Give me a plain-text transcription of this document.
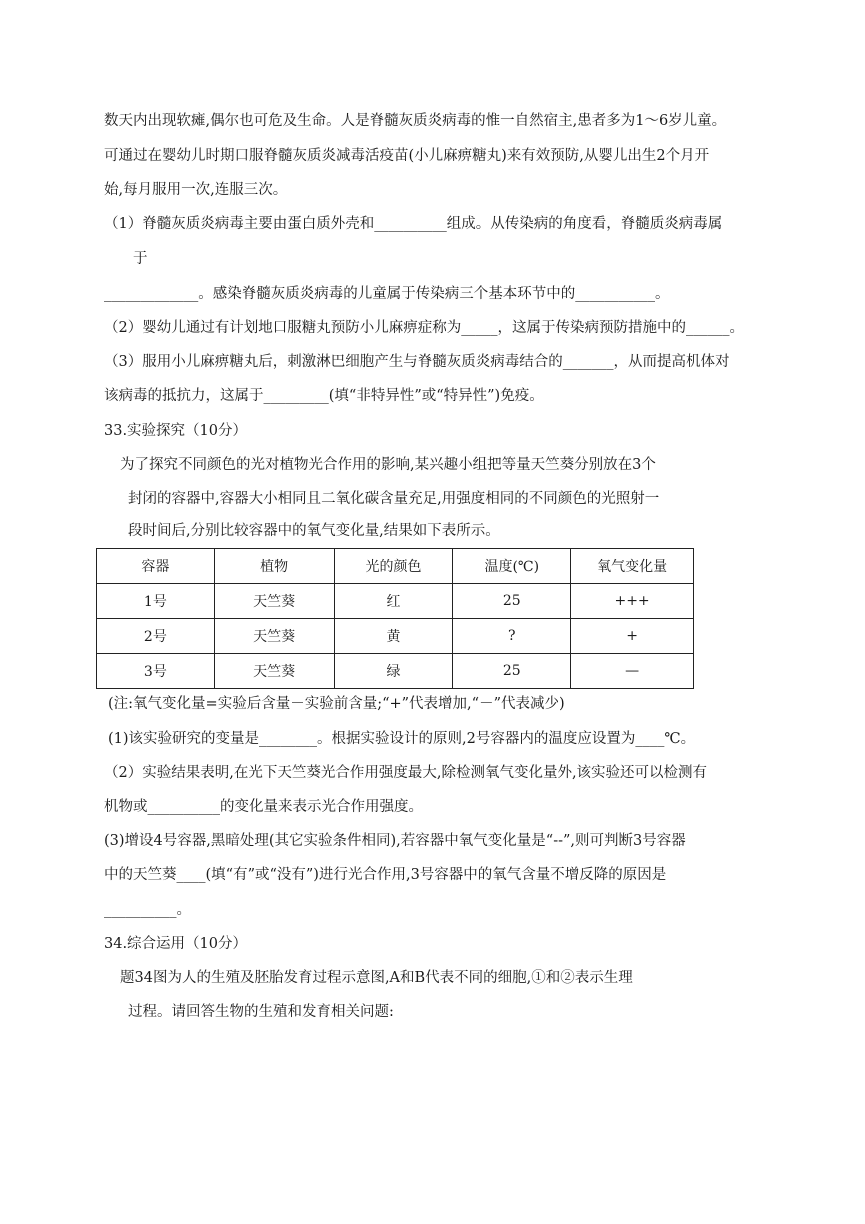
数天内出现软瘫,偶尔也可危及生命。人是脊髓灰质炎病毒的惟一自然宿主,患者多为1～6岁儿童。
可通过在婴幼儿时期口服脊髓灰质炎减毒活疫苗(小儿麻痹糖丸)来有效预防,从婴儿出生2个月开
始,每月服用一次,连服三次。
（1）脊髓灰质炎病毒主要由蛋白质外壳和__________组成。从传染病的角度看，脊髓质炎病毒属
于
_____________。感染脊髓灰质炎病毒的儿童属于传染病三个基本环节中的___________。
（2）婴幼儿通过有计划地口服糖丸预防小儿麻痹症称为_____，这属于传染病预防措施中的______。
（3）服用小儿麻痹糖丸后，刺激淋巴细胞产生与脊髓灰质炎病毒结合的_______，从而提高机体对
该病毒的抵抗力，这属于_________(填“非特异性”或“特异性”)免疫。
33.实验探究（10分）
为了探究不同颜色的光对植物光合作用的影响,某兴趣小组把等量天竺葵分别放在3个
封闭的容器中,容器大小相同且二氧化碳含量充足,用强度相同的不同颜色的光照射一
段时间后,分别比较容器中的氧气变化量,结果如下表所示。
容器	植物	光的颜色	温度(℃)	氧气变化量
1号	天竺葵	红	25	+++
2号	天竺葵	黄	?	+
3号	天竺葵	绿	25	—
(注:氧气变化量=实验后含量－实验前含量;“+”代表增加,“－”代表减少)
(1)该实验研究的变量是________。根据实验设计的原则,2号容器内的温度应设置为____℃。
（2）实验结果表明,在光下天竺葵光合作用强度最大,除检测氧气变化量外,该实验还可以检测有
机物或__________的变化量来表示光合作用强度。
(3)增设4号容器,黑暗处理(其它实验条件相同),若容器中氧气变化量是“--”,则可判断3号容器
中的天竺葵____(填“有”或“没有”)进行光合作用,3号容器中的氧气含量不增反降的原因是
__________。
34.综合运用（10分）
题34图为人的生殖及胚胎发育过程示意图,A和B代表不同的细胞,①和②表示生理
过程。请回答生物的生殖和发育相关问题:
